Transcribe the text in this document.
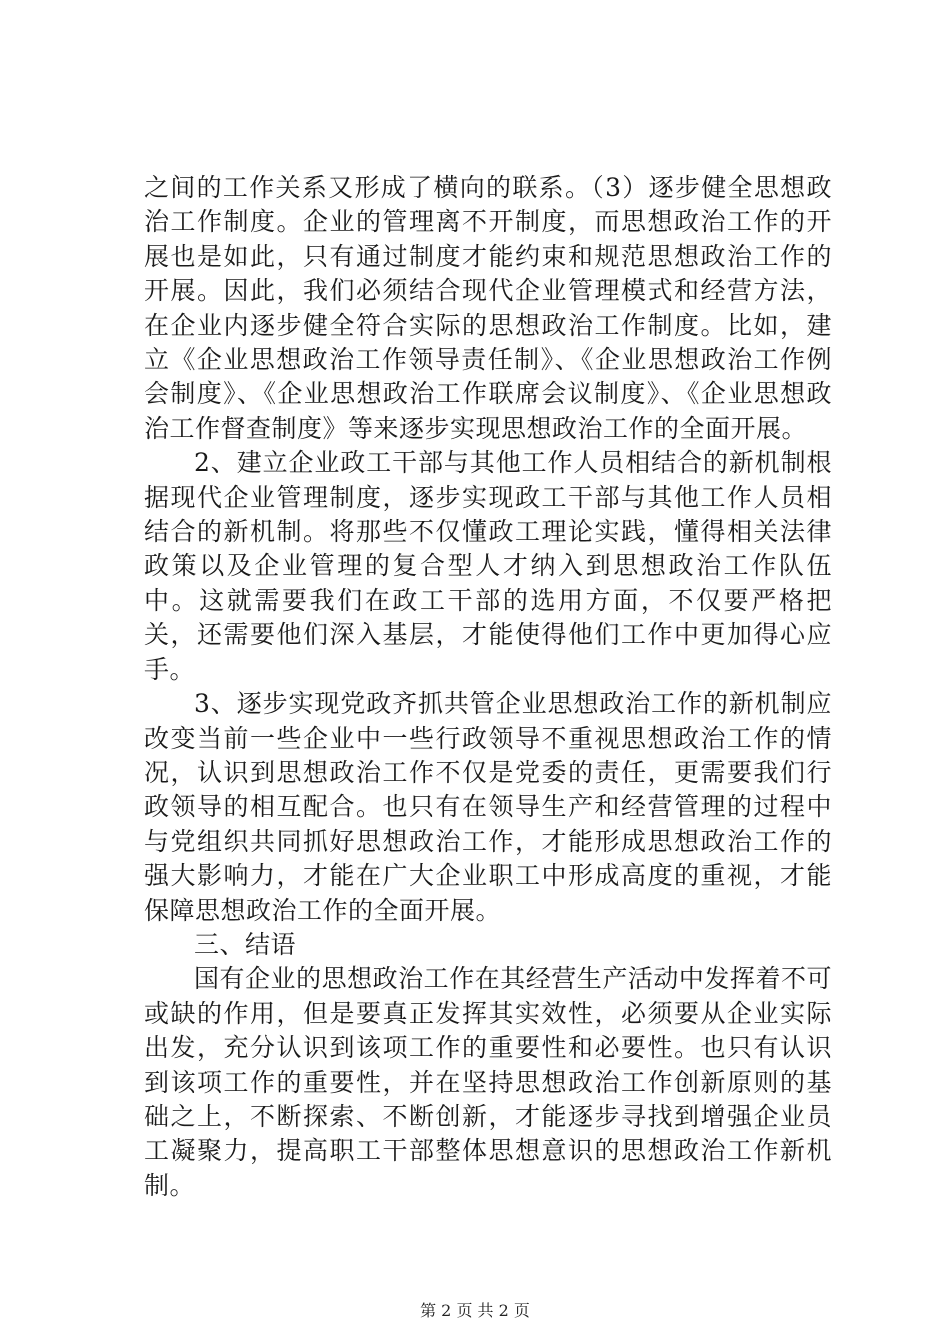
之间的工作关系又形成了横向的联系。（3）逐步健全思想政治工作制度。企业的管理离不开制度，而思想政治工作的开展也是如此，只有通过制度才能约束和规范思想政治工作的开展。因此，我们必须结合现代企业管理模式和经营方法，在企业内逐步健全符合实际的思想政治工作制度。比如，建立《企业思想政治工作领导责任制》、《企业思想政治工作例会制度》、《企业思想政治工作联席会议制度》、《企业思想政治工作督查制度》等来逐步实现思想政治工作的全面开展。

2、建立企业政工干部与其他工作人员相结合的新机制根据现代企业管理制度，逐步实现政工干部与其他工作人员相结合的新机制。将那些不仅懂政工理论实践，懂得相关法律政策以及企业管理的复合型人才纳入到思想政治工作队伍中。这就需要我们在政工干部的选用方面，不仅要严格把关，还需要他们深入基层，才能使得他们工作中更加得心应手。

3、逐步实现党政齐抓共管企业思想政治工作的新机制应改变当前一些企业中一些行政领导不重视思想政治工作的情况，认识到思想政治工作不仅是党委的责任，更需要我们行政领导的相互配合。也只有在领导生产和经营管理的过程中与党组织共同抓好思想政治工作，才能形成思想政治工作的强大影响力，才能在广大企业职工中形成高度的重视，才能保障思想政治工作的全面开展。

三、结语

国有企业的思想政治工作在其经营生产活动中发挥着不可或缺的作用，但是要真正发挥其实效性，必须要从企业实际出发，充分认识到该项工作的重要性和必要性。也只有认识到该项工作的重要性，并在坚持思想政治工作创新原则的基础之上，不断探索、不断创新，才能逐步寻找到增强企业员工凝聚力，提高职工干部整体思想意识的思想政治工作新机制。

第 2 页 共 2 页
